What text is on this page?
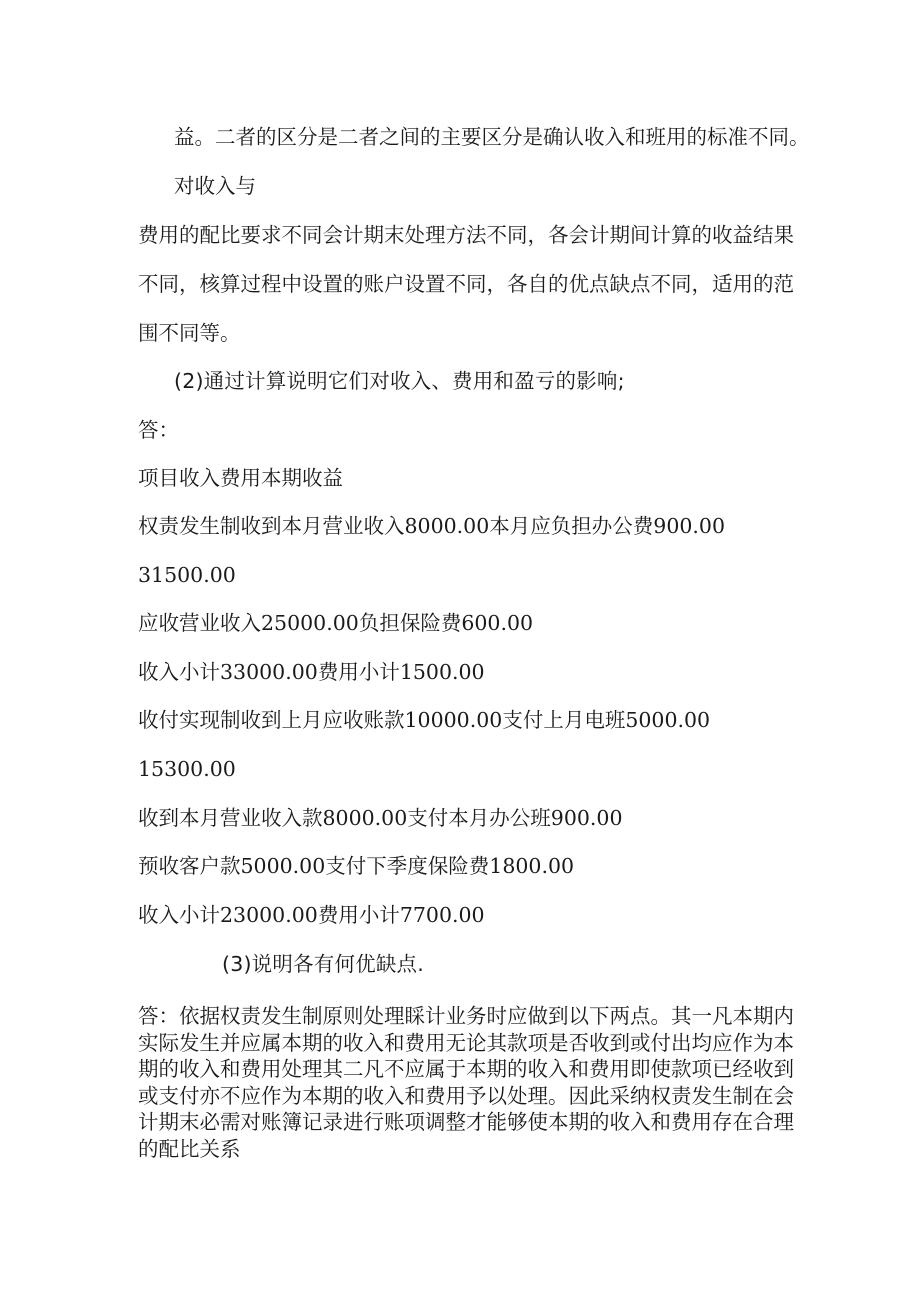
益。二者的区分是二者之间的主要区分是确认收入和班用的标准不同。
对收入与
费用的配比要求不同会计期末处理方法不同，各会计期间计算的收益结果
不同，核算过程中设置的账户设置不同，各自的优点缺点不同，适用的范
围不同等。
(2)通过计算说明它们对收入、费用和盈亏的影响;
答：
项目收入费用本期收益
权责发生制收到本月营业收入8000.00本月应负担办公费900.00
31500.00
应收营业收入25000.00负担保险费600.00
收入小计33000.00费用小计1500.00
收付实现制收到上月应收账款10000.00支付上月电班5000.00
15300.00
收到本月营业收入款8000.00支付本月办公班900.00
预收客户款5000.00支付下季度保险费1800.00
收入小计23000.00费用小计7700.00
(3)说明各有何优缺点.
答：依据权责发生制原则处理睬计业务时应做到以下两点。其一凡本期内
实际发生并应属本期的收入和费用无论其款项是否收到或付出均应作为本
期的收入和费用处理其二凡不应属于本期的收入和费用即使款项已经收到
或支付亦不应作为本期的收入和费用予以处理。因此采纳权责发生制在会
计期末必需对账簿记录进行账项调整才能够使本期的收入和费用存在合理
的配比关系
